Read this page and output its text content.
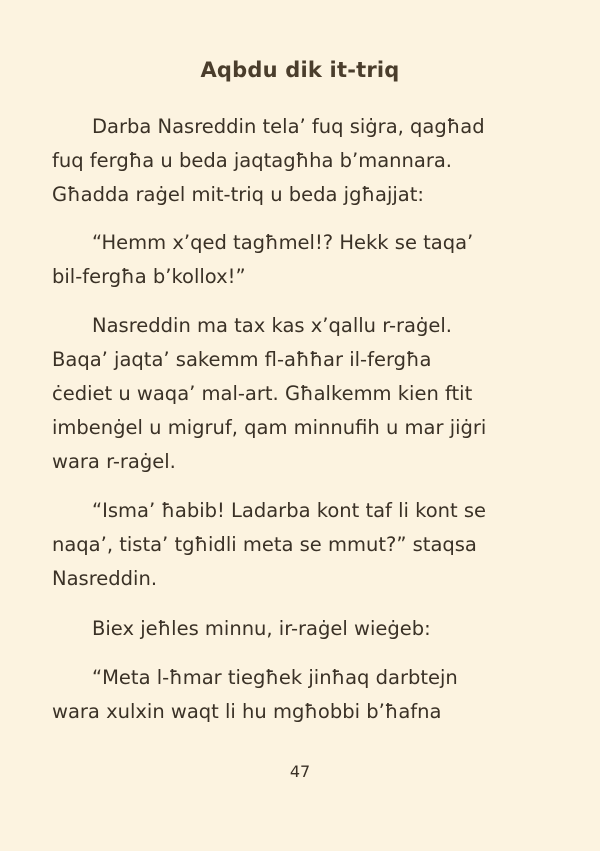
Aqbdu dik it-triq

Darba Nasreddin tela’ fuq siġra, qagħad
fuq fergħa u beda jaqtagħha b’mannara.
Għadda raġel mit-triq u beda jgħajjat:

“Hemm x’qed tagħmel!? Hekk se taqa’
bil-fergħa b’kollox!”

Nasreddin ma tax kas x’qallu r-raġel.
Baqa’ jaqta’ sakemm fl-aħħar il-fergħa
ċediet u waqa’ mal-art. Għalkemm kien ftit
imbenġel u migruf, qam minnufih u mar jiġri
wara r-raġel.

“Isma’ ħabib! Ladarba kont taf li kont se
naqa’, tista’ tgħidli meta se mmut?” staqsa
Nasreddin.

Biex jeħles minnu, ir-raġel wieġeb:

“Meta l-ħmar tiegħek jinħaq darbtejn
wara xulxin waqt li hu mgħobbi b’ħafna

47
